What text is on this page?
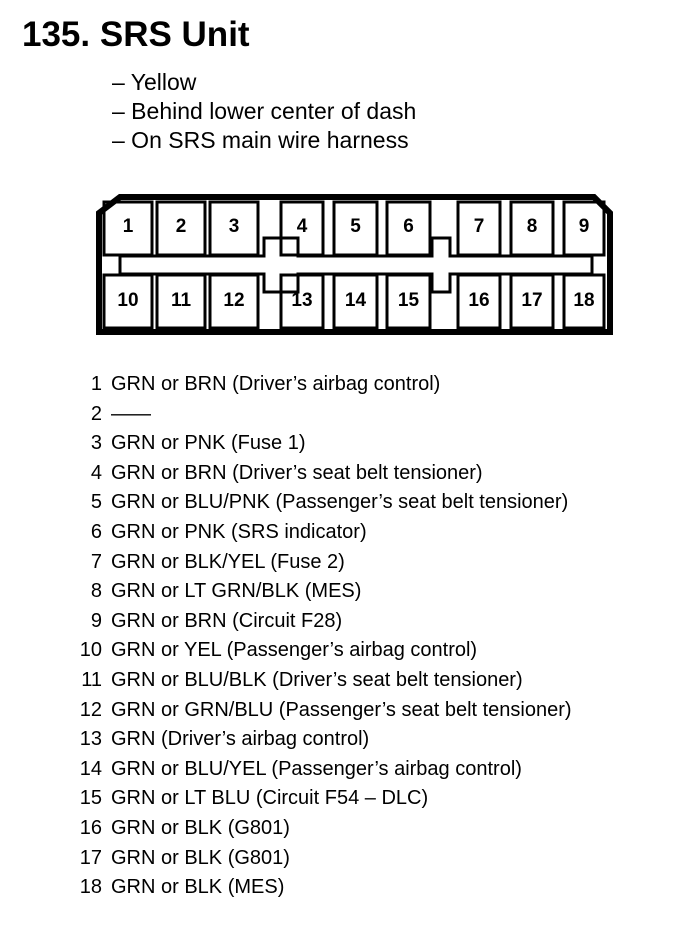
135. SRS Unit
– Yellow
– Behind lower center of dash
– On SRS main wire harness
1 2 3	4 5 6	7 8 9
10 11 12 13 14 15	16 17 18
1 GRN or BRN (Driver’s airbag control)
2 ——
3 GRN or PNK (Fuse 1)
4 GRN or BRN (Driver’s seat belt tensioner)
5 GRN or BLU/PNK (Passenger’s seat belt tensioner)
6 GRN or PNK (SRS indicator)
7 GRN or BLK/YEL (Fuse 2)
8 GRN or LT GRN/BLK (MES)
9 GRN or BRN (Circuit F28)
10 GRN or YEL (Passenger’s airbag control)
11 GRN or BLU/BLK (Driver’s seat belt tensioner)
12 GRN or GRN/BLU (Passenger’s seat belt tensioner)
13 GRN (Driver’s airbag control)
14 GRN or BLU/YEL (Passenger’s airbag control)
15 GRN or LT BLU (Circuit F54 – DLC)
16 GRN or BLK (G801)
17 GRN or BLK (G801)
18 GRN or BLK (MES)
